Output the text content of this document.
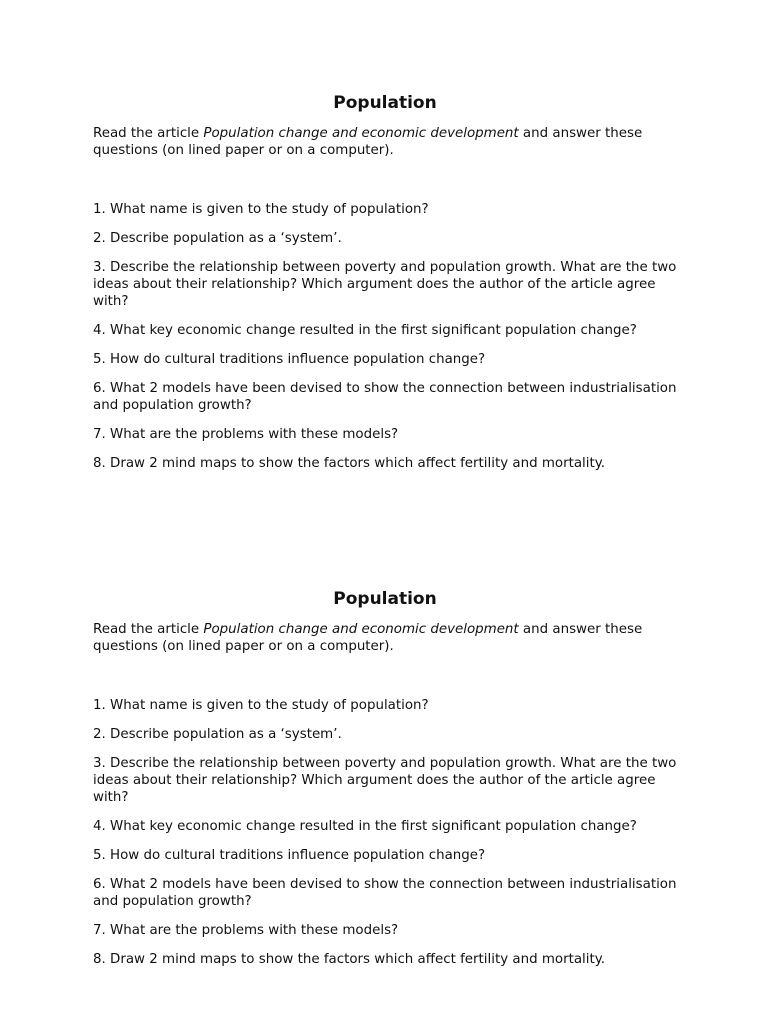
Population

Read the article Population change and economic development and answer these questions (on lined paper or on a computer).

1. What name is given to the study of population?
2. Describe population as a ‘system’.
3. Describe the relationship between poverty and population growth. What are the two ideas about their relationship? Which argument does the author of the article agree with?
4. What key economic change resulted in the first significant population change?
5. How do cultural traditions influence population change?
6. What 2 models have been devised to show the connection between industrialisation and population growth?
7. What are the problems with these models?
8. Draw 2 mind maps to show the factors which affect fertility and mortality.
Population

Read the article Population change and economic development and answer these questions (on lined paper or on a computer).

1. What name is given to the study of population?
2. Describe population as a ‘system’.
3. Describe the relationship between poverty and population growth. What are the two ideas about their relationship? Which argument does the author of the article agree with?
4. What key economic change resulted in the first significant population change?
5. How do cultural traditions influence population change?
6. What 2 models have been devised to show the connection between industrialisation and population growth?
7. What are the problems with these models?
8. Draw 2 mind maps to show the factors which affect fertility and mortality.
